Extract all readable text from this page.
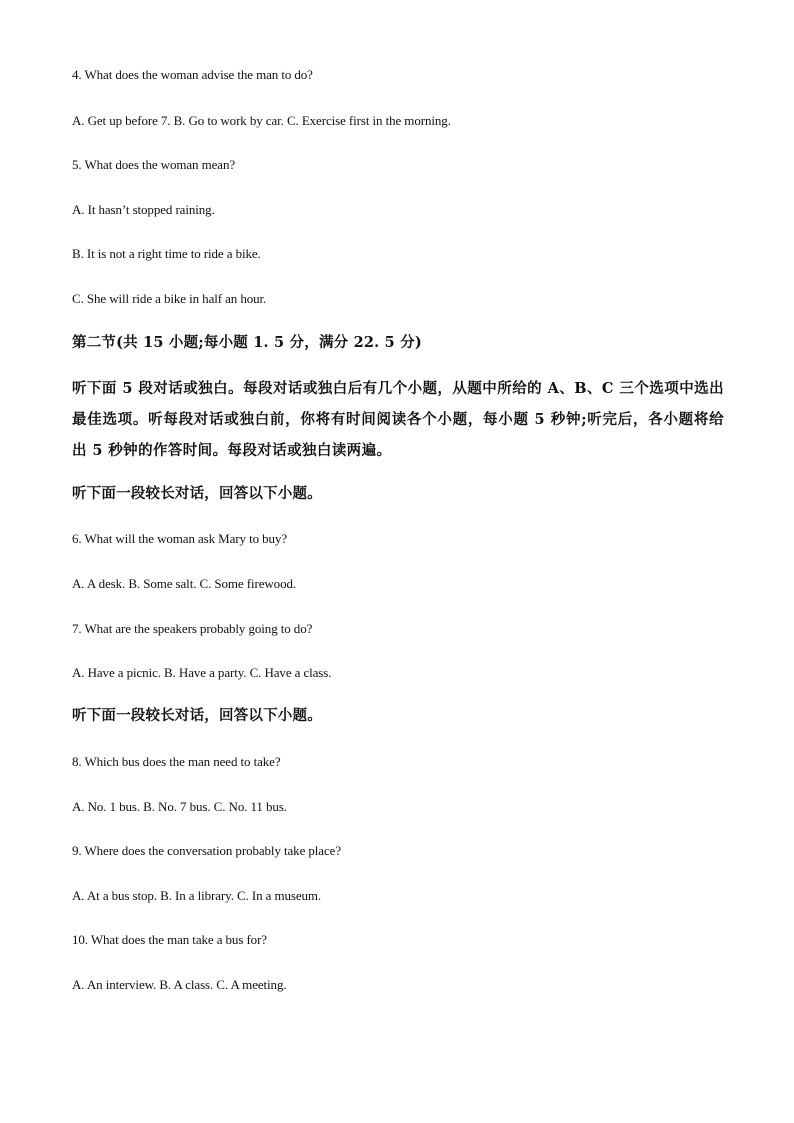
4. What does the woman advise the man to do?
A. Get up before 7. B. Go to work by car. C. Exercise first in the morning.
5. What does the woman mean?
A. It hasn’t stopped raining.
B. It is not a right time to ride a bike.
C. She will ride a bike in half an hour.
第二节(共 15 小题;每小题 1. 5 分，满分 22. 5 分)
听下面 5 段对话或独白。每段对话或独白后有几个小题，从题中所给的 A、B、C 三个选项中选出最佳选项。听每段对话或独白前，你将有时间阅读各个小题，每小题 5 秒钟;听完后，各小题将给出 5 秒钟的作答时间。每段对话或独白读两遍。
听下面一段较长对话，回答以下小题。
6. What will the woman ask Mary to buy?
A. A desk. B. Some salt. C. Some firewood.
7. What are the speakers probably going to do?
A. Have a picnic. B. Have a party. C. Have a class.
听下面一段较长对话，回答以下小题。
8. Which bus does the man need to take?
A. No. 1 bus. B. No. 7 bus. C. No. 11 bus.
9. Where does the conversation probably take place?
A. At a bus stop. B. In a library. C. In a museum.
10. What does the man take a bus for?
A. An interview. B. A class. C. A meeting.
